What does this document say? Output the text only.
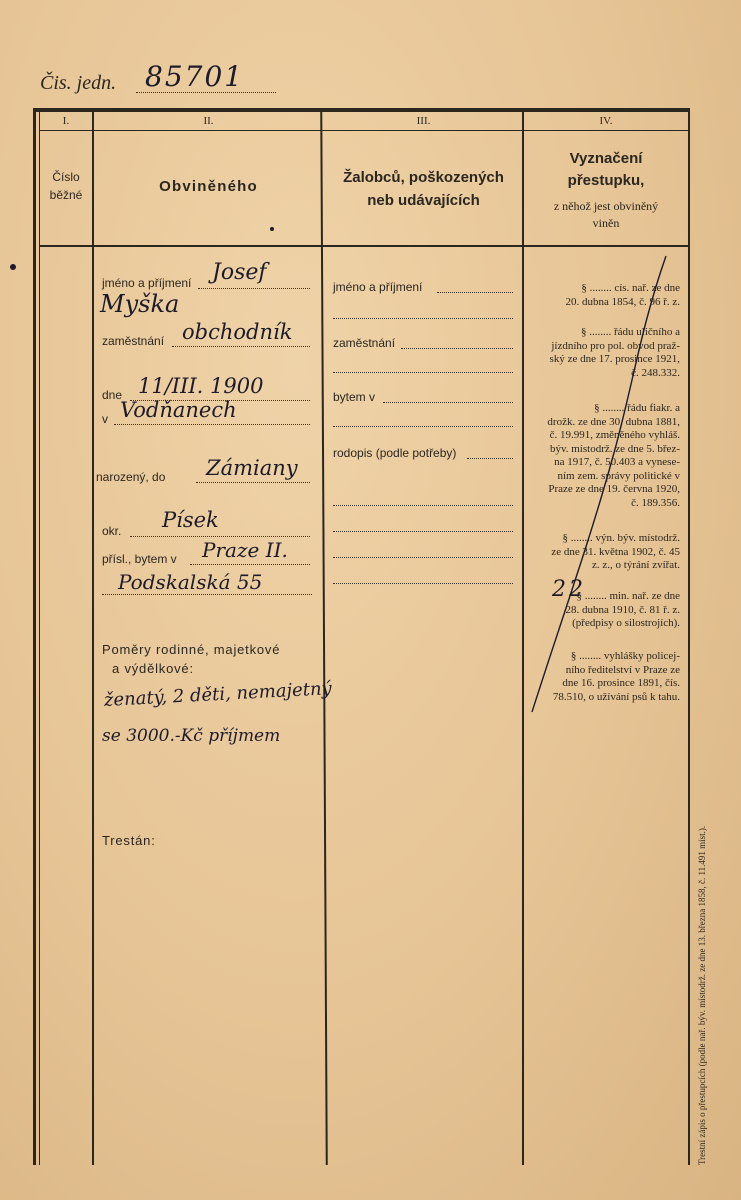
Čis. jedn. 85701
I.	II.	III.	IV.
Číslo
běžné	Obviněného
Žalobců, poškozených
neb udávajících
Vyznačení
přestupku,
z něhož jest obviněný
viněn
jméno a příjmení Josef
Myška
zaměstnání obchodník
dne 11/III. 1900
v Vodňanech
narozený, do Zámiany
okr. Písek
přísl., bytem v Praze II.
Podskalská 55
Poměry rodinné, majetkové
a výdělkové:
ženatý, 2 děti, nemajetný
se 3000.-Kč příjmem
Trestán:
jméno a příjmení
zaměstnání
bytem v
rodopis (podle potřeby)
§ ........ cís. nař. ze dne
20. dubna 1854, č. 96 ř. z.
§ ........ řádu uličního a
jízdního pro pol. obvod praž-
ský ze dne 17. prosince 1921,
č. 248.332.
§ ........ řádu fiakr. a
drožk. ze dne 30. dubna 1881,
č. 19.991, změněného vyhláš.
býv. místodrž. ze dne 5. břez-
na 1917, č. 50.403 a vynese-
ním zem. správy politické v
Praze ze dne 19. června 1920,
č. 189.356.
§ ........ výn. býv. místodrž.
ze dne 31. května 1902, č. 45
z. z., o týrání zvířat.
§ ........ min. nař. ze dne
28. dubna 1910, č. 81 ř. z.
(předpisy o silostrojích).
22
§ ........ vyhlášky policej-
ního ředitelství v Praze ze
dne 16. prosince 1891, čís.
78.510, o užívání psů k tahu.
Trestní zápis o přestupcích (podle nař. býv. místodrž. ze dne 13. března 1858, č. 11.491 míst.).
